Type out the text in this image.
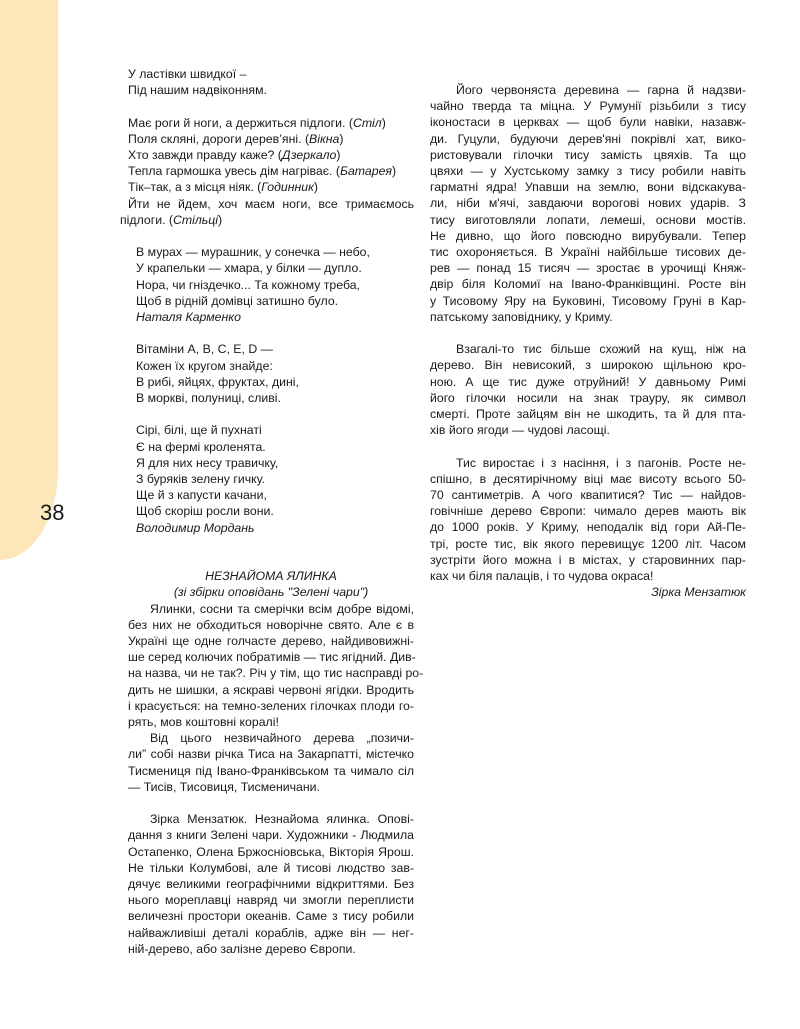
38
У ластівки швидкої –
Під нашим надвіконням.
Має роги й ноги, а держиться підлоги. (Стіл)
Поля скляні, дороги дерев’яні. (Вікна)
Хто завжди правду каже? (Дзеркало)
Тепла гармошка увесь дім нагріває. (Батарея)
Тік–так, а з місця ніяк. (Годинник)
Йти не йдем, хоч маєм ноги, все тримаємось
підлоги. (Стільці)
В мурах — мурашник, у сонечка — небо,
У крапельки — хмара, у білки — дупло.
Нора, чи гніздечко... Та кожному треба,
Щоб в рідній домівці затишно було.
Наталя Карменко
Вітаміни A, B, C, E, D —
Кожен їх кругом знайде:
В рибі, яйцях, фруктах, дині,
В моркві, полуниці, сливі.
Сірі, білі, ще й пухнаті
Є на фермі кроленята.
Я для них несу травичку,
З буряків зелену гичку.
Ще й з капусти качани,
Щоб скоріш росли вони.
Володимир Мордань
НЕЗНАЙОМА ЯЛИНКА
(зі збірки оповідань "Зелені чари")
Ялинки, сосни та смерічки всім добре відомі,
без них не обходиться новорічне свято. Але є в
Україні ще одне голчасте дерево, найдивовижні-
ше серед колючих побратимів — тис ягідний. Див-
на назва, чи не так?. Річ у тім, що тис насправді ро-
дить не шишки, а яскраві червоні ягідки. Вродить
і красується: на темно-зелених гілочках плоди го-
рять, мов коштовні коралі!
Від цього незвичайного дерева „позичи-
ли” собі назви річка Тиса на Закарпатті, містечко
Тисмениця під Івано-Франківськом та чимало сіл
— Тисів, Тисовиця, Тисменичани.
Зірка Мензатюк. Незнайома ялинка. Опові-
дання з книги Зелені чари. Художники - Людмила
Остапенко, Олена Бржосніовська, Вікторія Ярош.
Не тільки Колумбові, але й тисові людство зав-
дячує великими географічними відкриттями. Без
нього мореплавці навряд чи змогли переплисти
величезні простори океанів. Саме з тису робили
найважливіші деталі кораблів, адже він — нег-
ній-дерево, або залізне дерево Європи.
Його червоняста деревина — гарна й надзви-
чайно тверда та міцна. У Румунії різьбили з тису
іконостаси в церквах — щоб були навіки, назавж-
ди. Гуцули, будуючи дерев'яні покрівлі хат, вико-
ристовували гілочки тису замість цвяхів. Та що
цвяхи — у Хустському замку з тису робили навіть
гарматні ядра! Упавши на землю, вони відскакува-
ли, ніби м'ячі, завдаючи ворогові нових ударів. З
тису виготовляли лопати, лемеші, основи мостів.
Не дивно, що його повсюдно вирубували. Тепер
тис охороняється. В Україні найбільше тисових де-
рев — понад 15 тисяч — зростає в урочищі Княж-
двір біля Коломиї на Івано-Франківщині. Росте він
у Тисовому Яру на Буковині, Тисовому Груні в Кар-
патському заповіднику, у Криму.
Взагалі-то тис більше схожий на кущ, ніж на
дерево. Він невисокий, з широкою щільною кро-
ною. А ще тис дуже отруйний! У давньому Римі
його гілочки носили на знак трауру, як символ
смерті. Проте зайцям він не шкодить, та й для пта-
хів його ягоди — чудові ласощі.
Тис виростає і з насіння, і з пагонів. Росте не-
спішно, в десятирічному віці має висоту всього 50-
70 сантиметрів. А чого квапитися? Тис — найдов-
говічніше дерево Європи: чимало дерев мають вік
до 1000 років. У Криму, неподалік від гори Ай-Пе-
трі, росте тис, вік якого перевищує 1200 літ. Часом
зустріти його можна і в містах, у старовинних пар-
ках чи біля палаців, і то чудова окраса!
Зірка Мензатюк
